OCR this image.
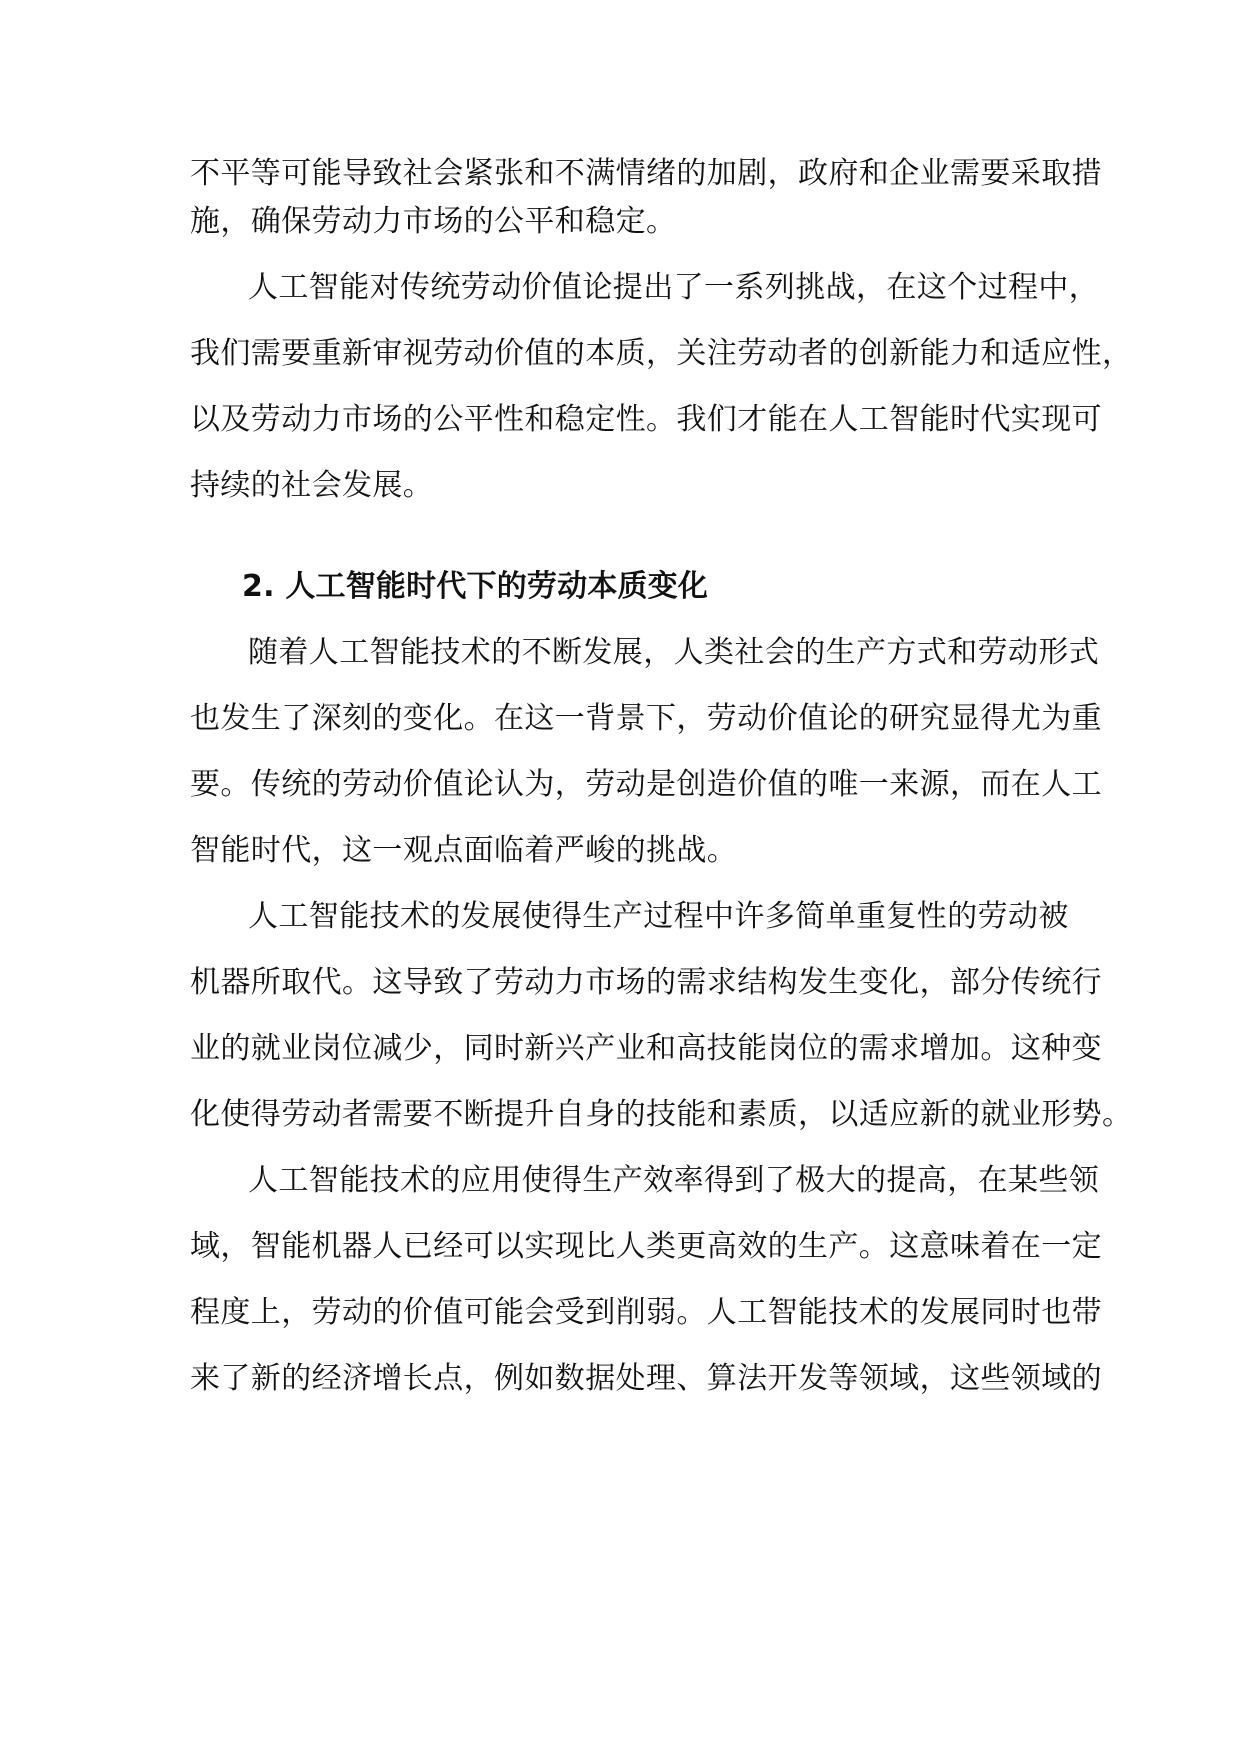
不平等可能导致社会紧张和不满情绪的加剧，政府和企业需要采取措
施，确保劳动力市场的公平和稳定。
人工智能对传统劳动价值论提出了一系列挑战，在这个过程中，
我们需要重新审视劳动价值的本质，关注劳动者的创新能力和适应性，
以及劳动力市场的公平性和稳定性。我们才能在人工智能时代实现可
持续的社会发展。
2. 人工智能时代下的劳动本质变化
随着人工智能技术的不断发展，人类社会的生产方式和劳动形式
也发生了深刻的变化。在这一背景下，劳动价值论的研究显得尤为重
要。传统的劳动价值论认为，劳动是创造价值的唯一来源，而在人工
智能时代，这一观点面临着严峻的挑战。
人工智能技术的发展使得生产过程中许多简单重复性的劳动被
机器所取代。这导致了劳动力市场的需求结构发生变化，部分传统行
业的就业岗位减少，同时新兴产业和高技能岗位的需求增加。这种变
化使得劳动者需要不断提升自身的技能和素质，以适应新的就业形势。
人工智能技术的应用使得生产效率得到了极大的提高，在某些领
域，智能机器人已经可以实现比人类更高效的生产。这意味着在一定
程度上，劳动的价值可能会受到削弱。人工智能技术的发展同时也带
来了新的经济增长点，例如数据处理、算法开发等领域，这些领域的
